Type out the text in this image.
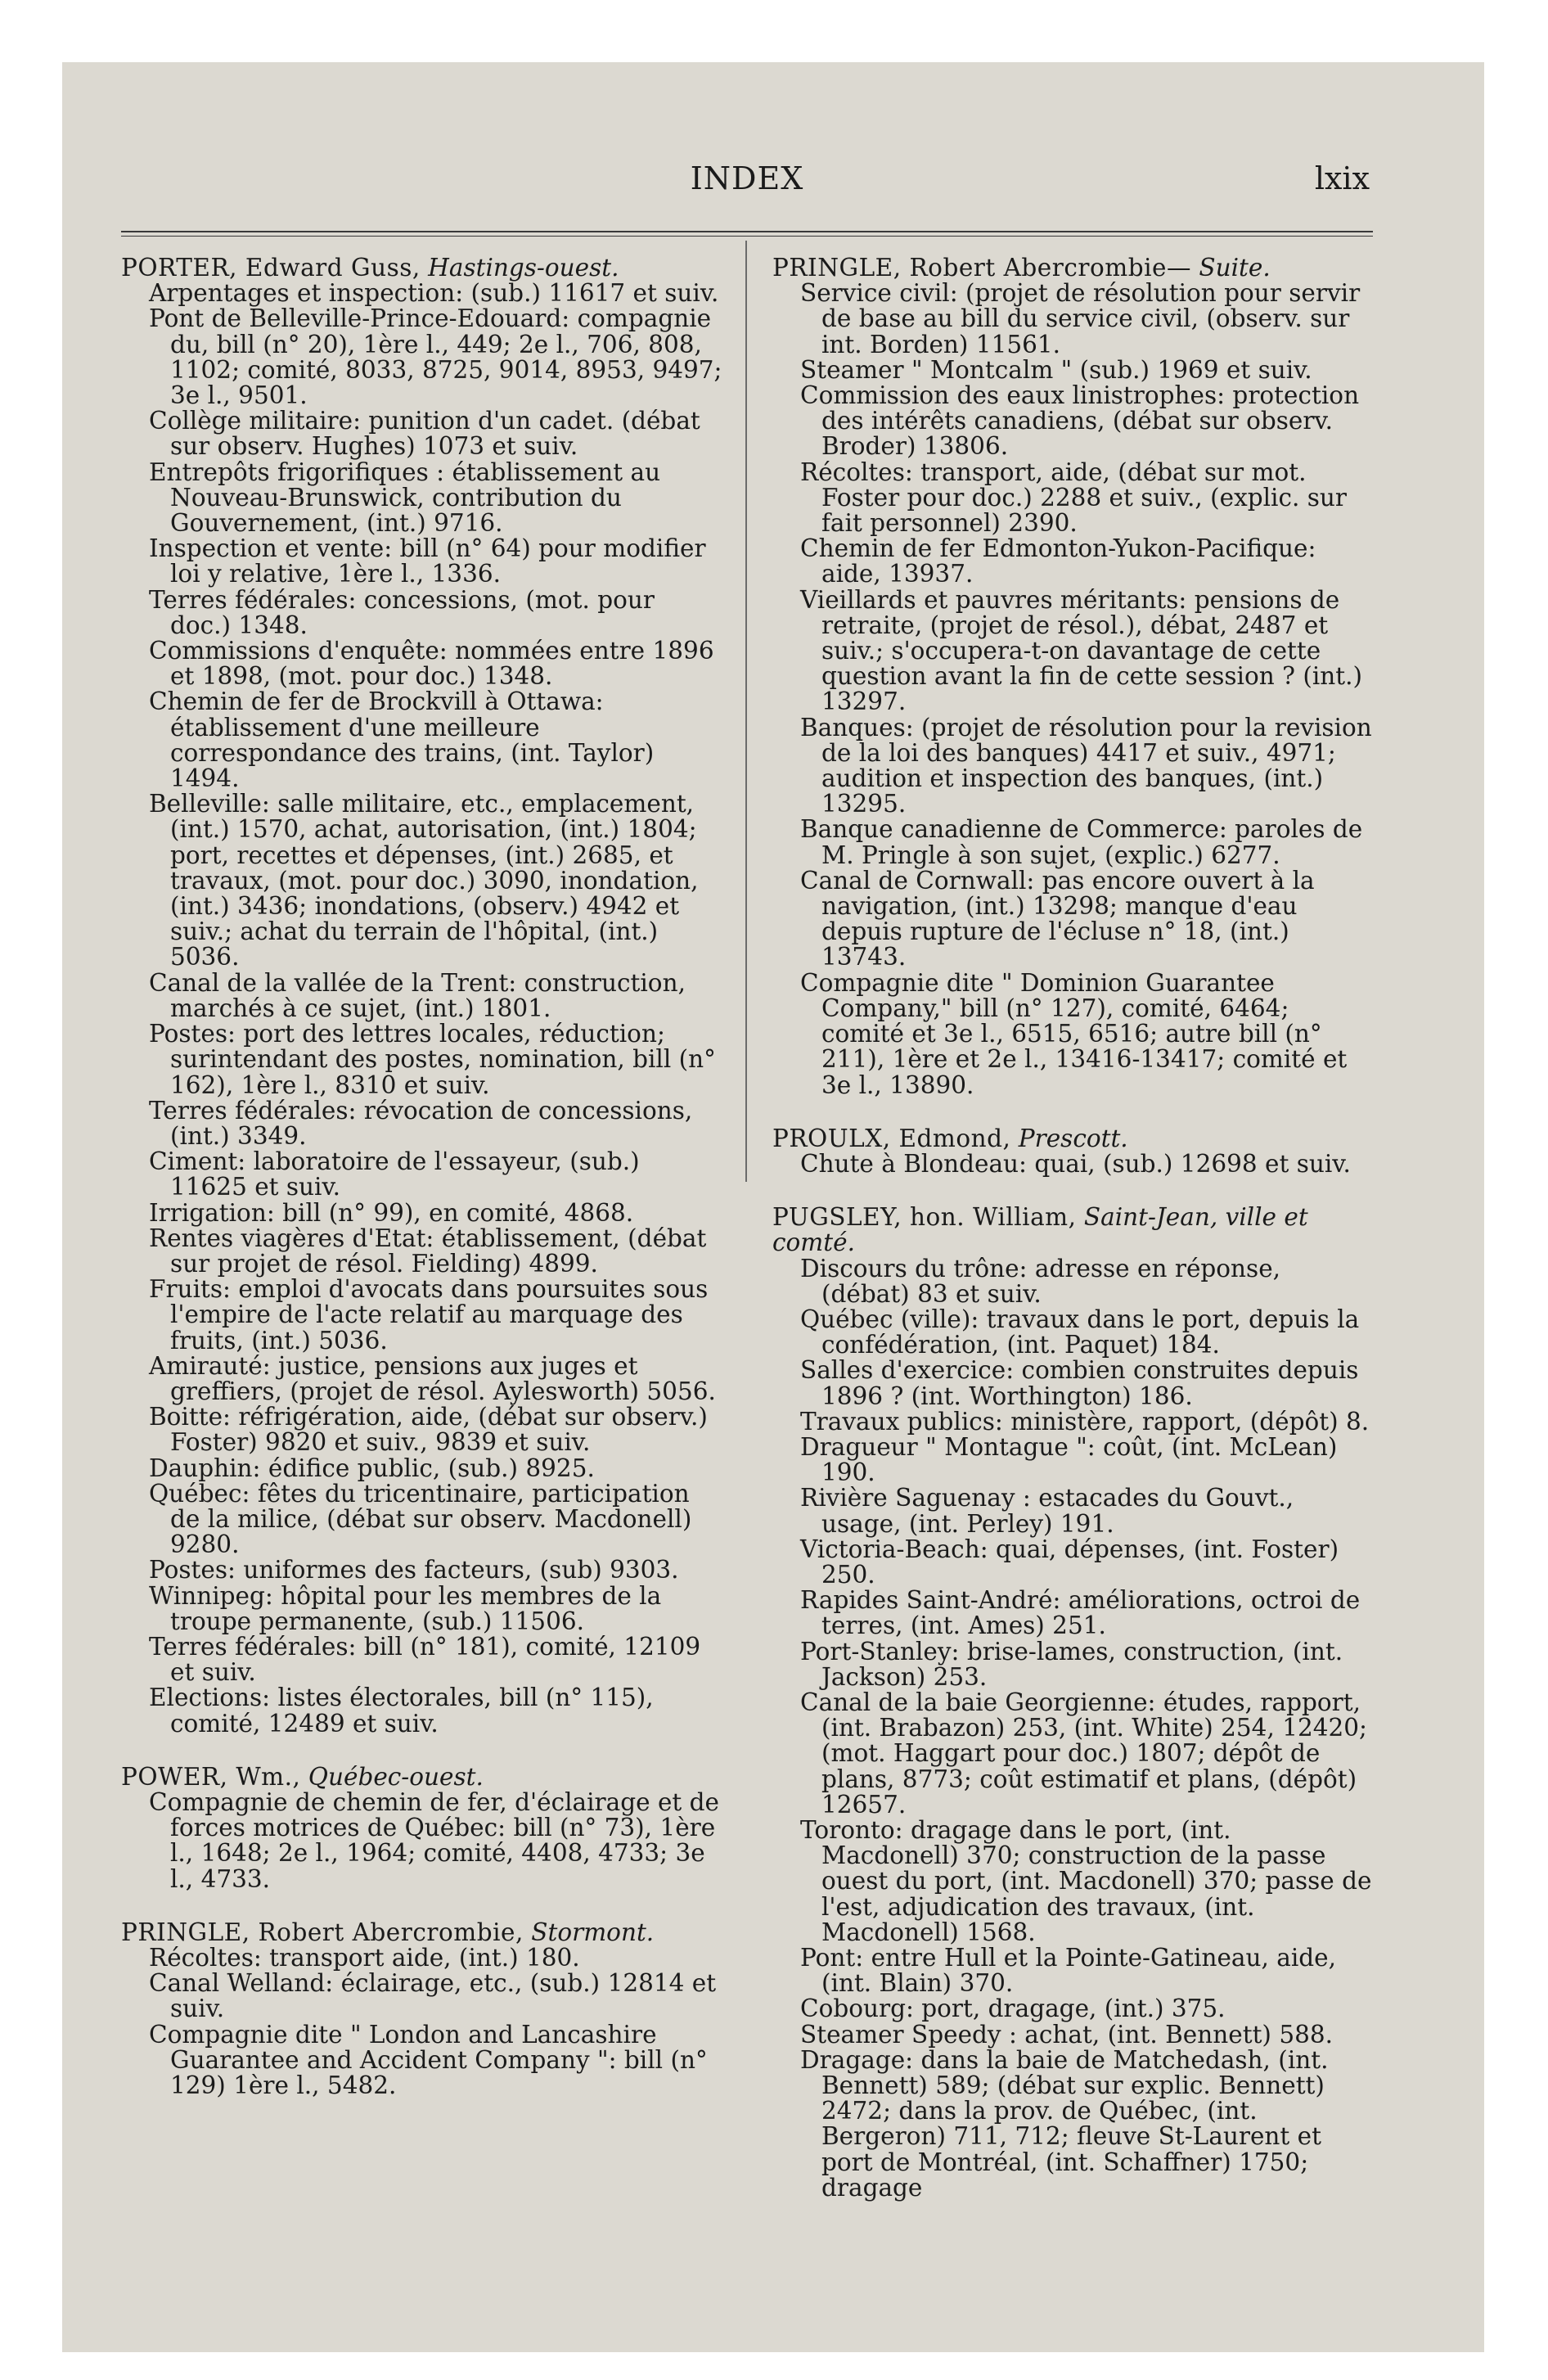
INDEX	lxix
PORTER, Edward Guss, Hastings-ouest.
Arpentages et inspection: (sub.) 11617 et suiv.
Pont de Belleville-Prince-Edouard: compagnie du, bill (n° 20), 1ère l., 449; 2e l., 706, 808, 1102; comité, 8033, 8725, 9014, 8953, 9497; 3e l., 9501.
Collège militaire: punition d'un cadet. (débat sur observ. Hughes) 1073 et suiv.
Entrepôts frigorifiques : établissement au Nouveau-Brunswick, contribution du Gouvernement, (int.) 9716.
Inspection et vente: bill (n° 64) pour modifier loi y relative, 1ère l., 1336.
Terres fédérales: concessions, (mot. pour doc.) 1348.
Commissions d'enquête: nommées entre 1896 et 1898, (mot. pour doc.) 1348.
Chemin de fer de Brockvill à Ottawa: établissement d'une meilleure correspondance des trains, (int. Taylor) 1494.
Belleville: salle militaire, etc., emplacement, (int.) 1570, achat, autorisation, (int.) 1804; port, recettes et dépenses, (int.) 2685, et travaux, (mot. pour doc.) 3090, inondation, (int.) 3436; inondations, (observ.) 4942 et suiv.; achat du terrain de l'hôpital, (int.) 5036.
Canal de la vallée de la Trent: construction, marchés à ce sujet, (int.) 1801.
Postes: port des lettres locales, réduction; surintendant des postes, nomination, bill (n° 162), 1ère l., 8310 et suiv.
Terres fédérales: révocation de concessions, (int.) 3349.
Ciment: laboratoire de l'essayeur, (sub.) 11625 et suiv.
Irrigation: bill (n° 99), en comité, 4868.
Rentes viagères d'Etat: établissement, (débat sur projet de résol. Fielding) 4899.
Fruits: emploi d'avocats dans poursuites sous l'empire de l'acte relatif au marquage des fruits, (int.) 5036.
Amirauté: justice, pensions aux juges et greffiers, (projet de résol. Aylesworth) 5056.
Boitte: réfrigération, aide, (débat sur observ.) Foster) 9820 et suiv., 9839 et suiv.
Dauphin: édifice public, (sub.) 8925.
Québec: fêtes du tricentinaire, participation de la milice, (débat sur observ. Macdonell) 9280.
Postes: uniformes des facteurs, (sub) 9303.
Winnipeg: hôpital pour les membres de la troupe permanente, (sub.) 11506.
Terres fédérales: bill (n° 181), comité, 12109 et suiv.
Elections: listes électorales, bill (n° 115), comité, 12489 et suiv.
POWER, Wm., Québec-ouest.
Compagnie de chemin de fer, d'éclairage et de forces motrices de Québec: bill (n° 73), 1ère l., 1648; 2e l., 1964; comité, 4408, 4733; 3e l., 4733.
PRINGLE, Robert Abercrombie, Stormont.
Récoltes: transport aide, (int.) 180.
Canal Welland: éclairage, etc., (sub.) 12814 et suiv.
Compagnie dite " London and Lancashire Guarantee and Accident Company ": bill (n° 129) 1ère l., 5482.
PRINGLE, Robert Abercrombie— Suite.
Service civil: (projet de résolution pour servir de base au bill du service civil, (observ. sur int. Borden) 11561.
Steamer " Montcalm " (sub.) 1969 et suiv.
Commission des eaux linistrophes: protection des intérêts canadiens, (débat sur observ. Broder) 13806.
Récoltes: transport, aide, (débat sur mot. Foster pour doc.) 2288 et suiv., (explic. sur fait personnel) 2390.
Chemin de fer Edmonton-Yukon-Pacifique: aide, 13937.
Vieillards et pauvres méritants: pensions de retraite, (projet de résol.), débat, 2487 et suiv.; s'occupera-t-on davantage de cette question avant la fin de cette session ? (int.) 13297.
Banques: (projet de résolution pour la revision de la loi des banques) 4417 et suiv., 4971; audition et inspection des banques, (int.) 13295.
Banque canadienne de Commerce: paroles de M. Pringle à son sujet, (explic.) 6277.
Canal de Cornwall: pas encore ouvert à la navigation, (int.) 13298; manque d'eau depuis rupture de l'écluse n° 18, (int.) 13743.
Compagnie dite " Dominion Guarantee Company," bill (n° 127), comité, 6464; comité et 3e l., 6515, 6516; autre bill (n° 211), 1ère et 2e l., 13416-13417; comité et 3e l., 13890.
PROULX, Edmond, Prescott.
Chute à Blondeau: quai, (sub.) 12698 et suiv.
PUGSLEY, hon. William, Saint-Jean, ville et comté.
Discours du trône: adresse en réponse, (débat) 83 et suiv.
Québec (ville): travaux dans le port, depuis la confédération, (int. Paquet) 184.
Salles d'exercice: combien construites depuis 1896 ? (int. Worthington) 186.
Travaux publics: ministère, rapport, (dépôt) 8.
Dragueur " Montague ": coût, (int. McLean) 190.
Rivière Saguenay : estacades du Gouvt., usage, (int. Perley) 191.
Victoria-Beach: quai, dépenses, (int. Foster) 250.
Rapides Saint-André: améliorations, octroi de terres, (int. Ames) 251.
Port-Stanley: brise-lames, construction, (int. Jackson) 253.
Canal de la baie Georgienne: études, rapport, (int. Brabazon) 253, (int. White) 254, 12420; (mot. Haggart pour doc.) 1807; dépôt de plans, 8773; coût estimatif et plans, (dépôt) 12657.
Toronto: dragage dans le port, (int. Macdonell) 370; construction de la passe ouest du port, (int. Macdonell) 370; passe de l'est, adjudication des travaux, (int. Macdonell) 1568.
Pont: entre Hull et la Pointe-Gatineau, aide, (int. Blain) 370.
Cobourg: port, dragage, (int.) 375.
Steamer Speedy : achat, (int. Bennett) 588.
Dragage: dans la baie de Matchedash, (int. Bennett) 589; (débat sur explic. Bennett) 2472; dans la prov. de Québec, (int. Bergeron) 711, 712; fleuve St-Laurent et port de Montréal, (int. Schaffner) 1750; dragage
